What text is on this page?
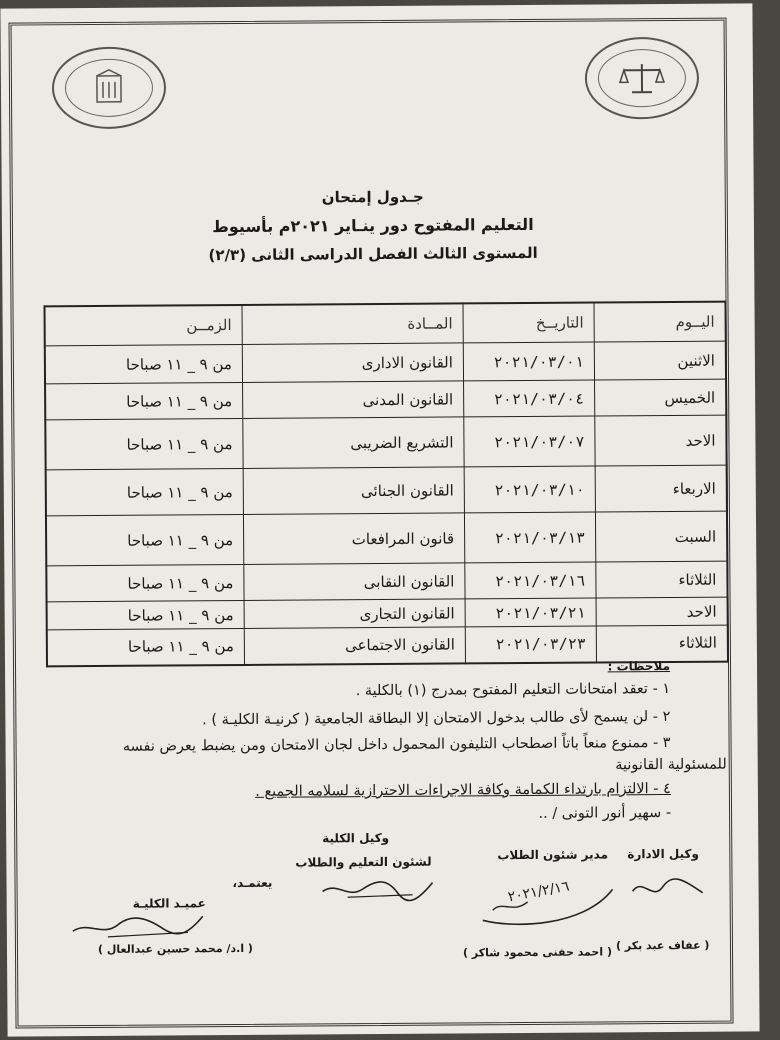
جـدول إمتحان
التعليم المفتوح دور ينـاير ٢٠٢١م بأسيوط
المستوى الثالث الفصل الدراسى الثانى (٢/٣)
اليــوم	التاريــخ	المــادة	الزمــن
الاثنين	٢٠٢١/٠٣/٠١	القانون الادارى	من ٩ _ ١١ صباحا
الخميس	٢٠٢١/٠٣/٠٤	القانون المدنى	من ٩ _ ١١ صباحا
الاحد	٢٠٢١/٠٣/٠٧	التشريع الضريبى	من ٩ _ ١١ صباحا
الاربعاء	٢٠٢١/٠٣/١٠	القانون الجنائى	من ٩ _ ١١ صباحا
السبت	٢٠٢١/٠٣/١٣	قانون المرافعات	من ٩ _ ١١ صباحا
الثلاثاء	٢٠٢١/٠٣/١٦	القانون النقابى	من ٩ _ ١١ صباحا
الاحد	٢٠٢١/٠٣/٢١	القانون التجارى	من ٩ _ ١١ صباحا
الثلاثاء	٢٠٢١/٠٣/٢٣	القانون الاجتماعى	من ٩ _ ١١ صباحا
ملاحظات :
١ - تعقد امتحانات التعليم المفتوح بمدرج (١) بالكلية .
٢ - لن يسمح لأى طالب بدخول الامتحان إلا البطاقة الجامعية ( كرنيـة الكليـة ) .
٣ - ممنوع منعاً باتاً اصطحاب التليفون المحمول داخل لجان الامتحان ومن يضبط يعرض نفسه
للمسئولية القانونية
٤ - الالتزام بارتداء الكمامة وكافة الاجراءات الاحترازية لسلامه الجميع .
- سهير أنور التونى / ..
وكيل الكلية
لشئون التعليم والطلاب	مدير شئون الطلاب وكيل الادارة
يعتمـد،
عميـد الكليـة
( ا.د/ محمد حسين عبدالعال )	( احمد حفنى محمود شاكر ) ( عفاف عبد بكر )
٢٠٢١/٢/١٦
